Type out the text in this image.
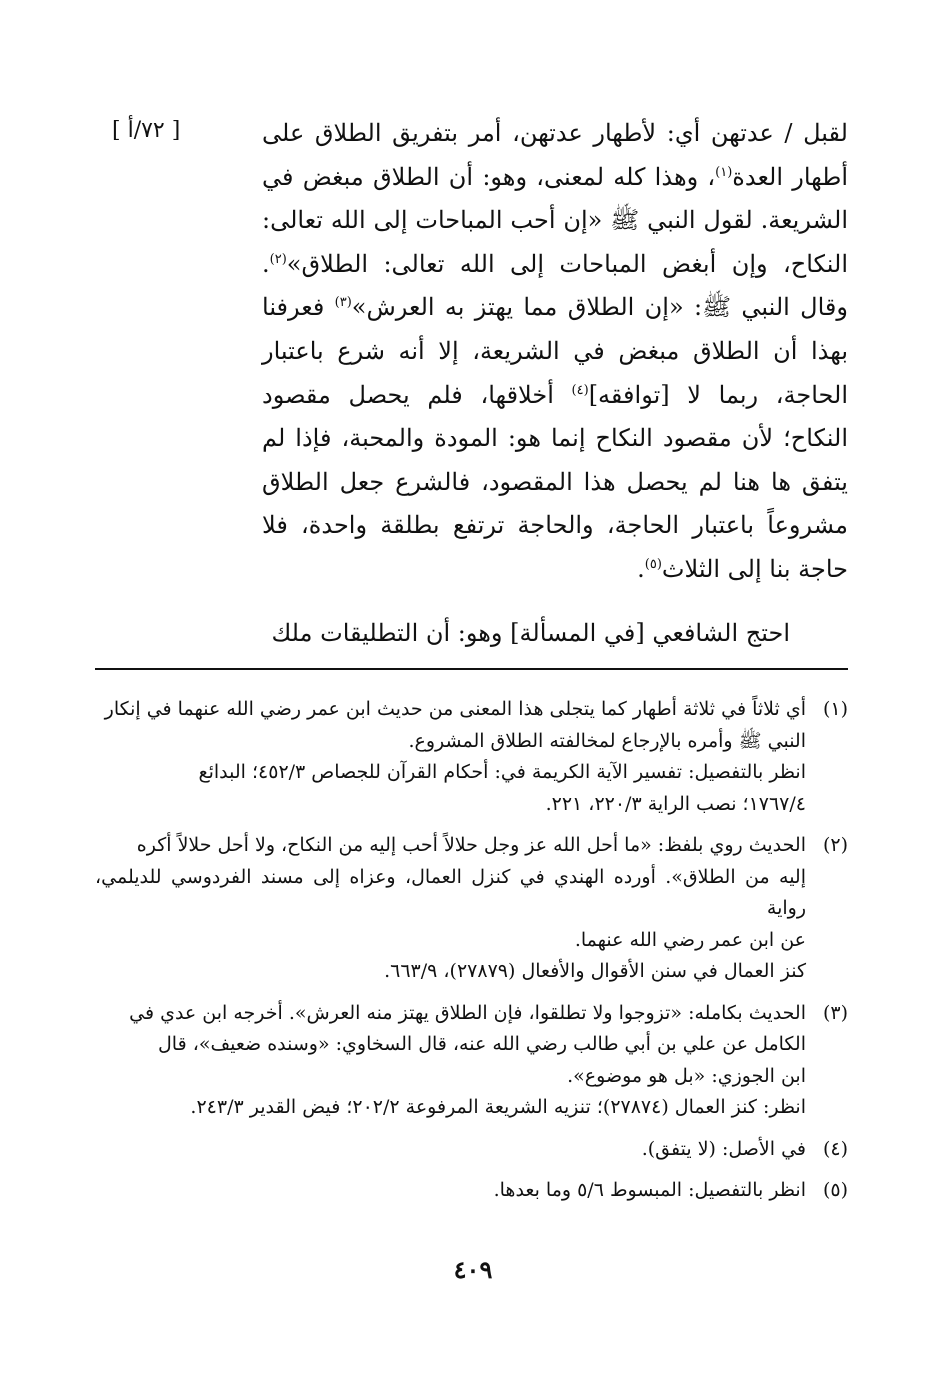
[ ٧٢/أ ]	لقبل / عدتهن أي: لأطهار عدتهن، أمر بتفريق الطلاق على أطهار العدة$^{(١)}$، وهذا كله لمعنى، وهو: أن الطلاق مبغض في الشريعة. لقول النبي ﷺ «إن أحب المباحات إلى الله تعالى: النكاح، وإن أبغض المباحات إلى الله تعالى: الطلاق»$^{(٢)}$. وقال النبي ﷺ: «إن الطلاق مما يهتز به العرش»$^{(٣)}$ فعرفنا بهذا أن الطلاق مبغض في الشريعة، إلا أنه شرع باعتبار الحاجة، ربما لا [توافقه]$^{(٤)}$ أخلاقها، فلم يحصل مقصود النكاح؛ لأن مقصود النكاح إنما هو: المودة والمحبة، فإذا لم يتفق ها هنا لم يحصل هذا المقصود، فالشرع جعل الطلاق مشروعاً باعتبار الحاجة، والحاجة ترتفع بطلقة واحدة، فلا حاجة بنا إلى الثلاث$^{(٥)}$.

احتج الشافعي [في المسألة] وهو: أن التطليقات ملك

(١)
أي ثلاثاً في ثلاثة أطهار كما يتجلى هذا المعنى من حديث ابن عمر رضي الله عنهما في إنكار
النبي ﷺ وأمره بالإرجاع لمخالفته الطلاق المشروع.
انظر بالتفصيل: تفسير الآية الكريمة في: أحكام القرآن للجصاص ٤٥٢/٣؛ البدائع
١٧٦٧/٤؛ نصب الراية ٢٢٠/٣، ٢٢١.
(٢)
الحديث روي بلفظ: «ما أحل الله عز وجل حلالاً أحب إليه من النكاح، ولا أحل حلالاً أكره
إليه من الطلاق». أورده الهندي في كنزل العمال، وعزاه إلى مسند الفردوسي للديلمي، رواية
عن ابن عمر رضي الله عنهما.
كنز العمال في سنن الأقوال والأفعال (٢٧٨٧٩)، ٦٦٣/٩.
(٣)
الحديث بكامله: «تزوجوا ولا تطلقوا، فإن الطلاق يهتز منه العرش». أخرجه ابن عدي في
الكامل عن علي بن أبي طالب رضي الله عنه، قال السخاوي: «وسنده ضعيف»، قال
ابن الجوزي: «بل هو موضوع».
انظر: كنز العمال (٢٧٨٧٤)؛ تنزيه الشريعة المرفوعة ٢٠٢/٢؛ فيض القدير ٢٤٣/٣.
(٤)
في الأصل: (لا يتفق).
(٥)
انظر بالتفصيل: المبسوط ٥/٦ وما بعدها.
٤٠٩
